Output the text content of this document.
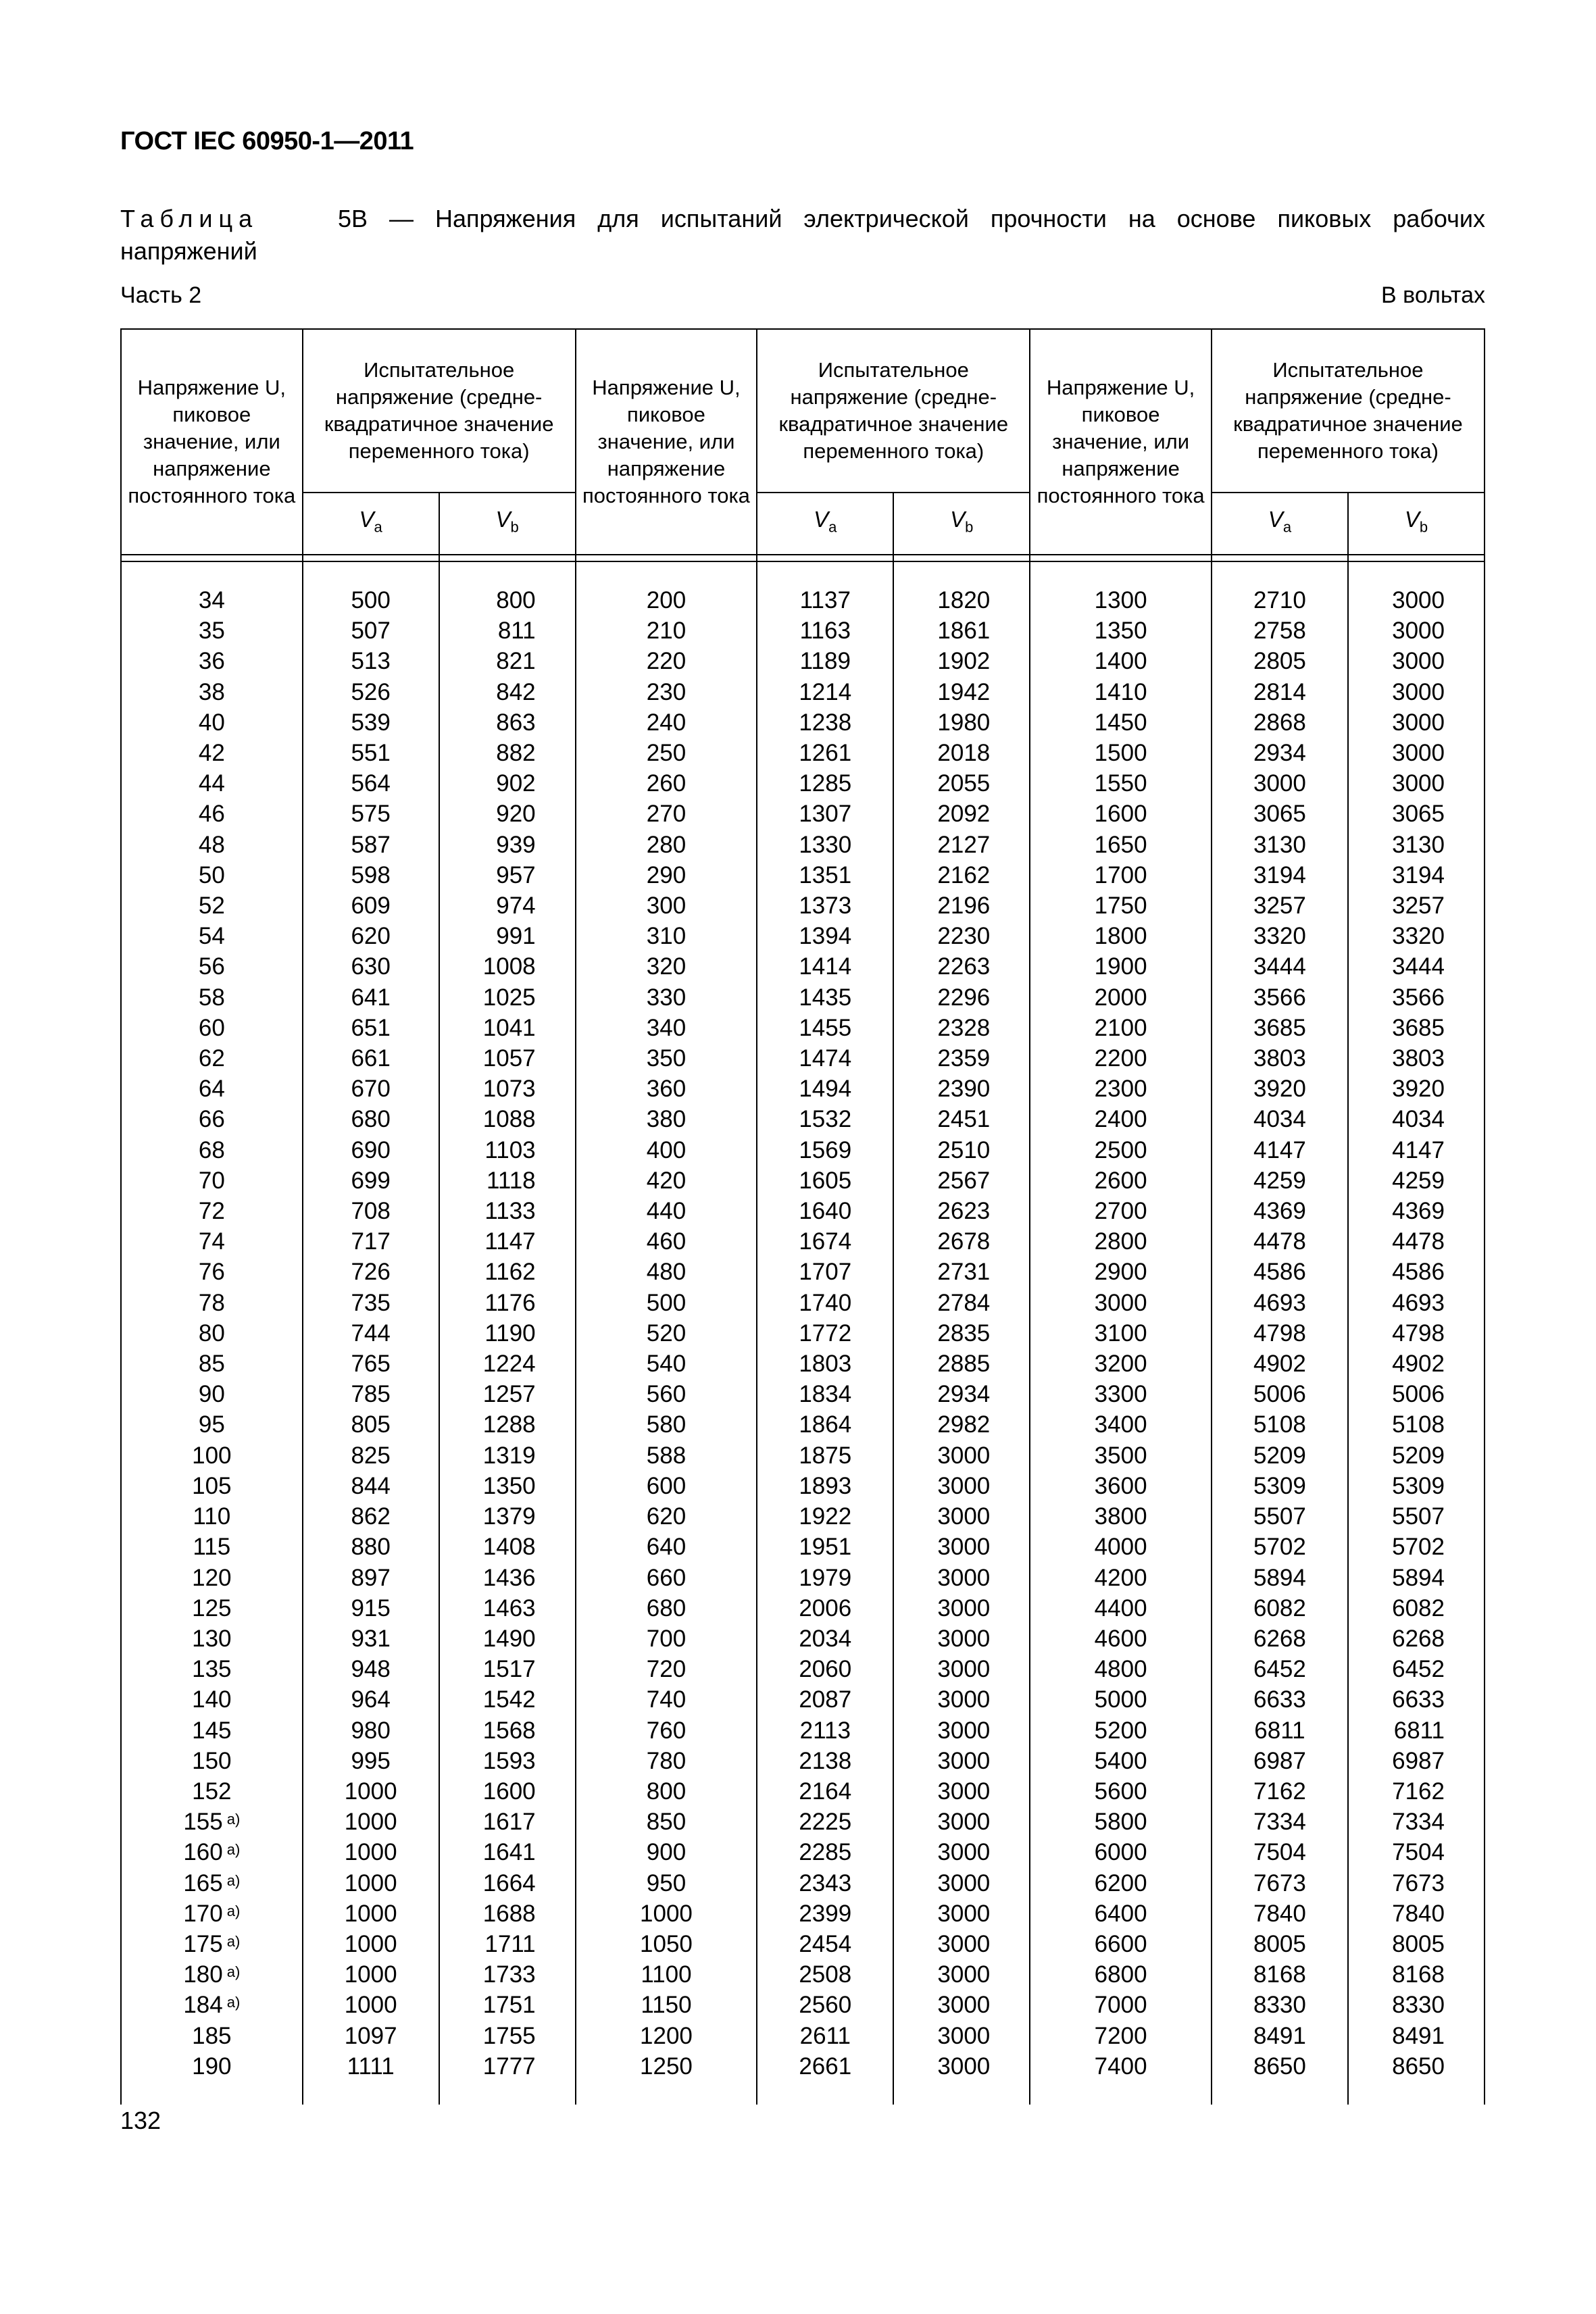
ГОСТ IEC 60950-1—2011
Таблица	5B — Напряжения для испытаний электрической прочности на основе пиковых рабочих
напряжений
Часть 2	В вольтах
Напряжение U, пиковое значение, или напряжение постоянного тока	Испытательное напряжение (средне-квадратичное значение переменного тока)		Напряжение U, пиковое значение, или напряжение постоянного тока	Испытательное напряжение (средне-квадратичное значение переменного тока)		Напряжение U, пиковое значение, или напряжение постоянного тока	Испытательное напряжение (средне-квадратичное значение переменного тока)	
	$V_a$	$V_b$		$V_a$	$V_b$		$V_a$	$V_b$

34	500	800	200	1137	1820	1300	2710	3000
35	507	811	210	1163	1861	1350	2758	3000
36	513	821	220	1189	1902	1400	2805	3000
38	526	842	230	1214	1942	1410	2814	3000
40	539	863	240	1238	1980	1450	2868	3000
42	551	882	250	1261	2018	1500	2934	3000
44	564	902	260	1285	2055	1550	3000	3000
46	575	920	270	1307	2092	1600	3065	3065
48	587	939	280	1330	2127	1650	3130	3130
50	598	957	290	1351	2162	1700	3194	3194
52	609	974	300	1373	2196	1750	3257	3257
54	620	991	310	1394	2230	1800	3320	3320
56	630	1008	320	1414	2263	1900	3444	3444
58	641	1025	330	1435	2296	2000	3566	3566
60	651	1041	340	1455	2328	2100	3685	3685
62	661	1057	350	1474	2359	2200	3803	3803
64	670	1073	360	1494	2390	2300	3920	3920
66	680	1088	380	1532	2451	2400	4034	4034
68	690	1103	400	1569	2510	2500	4147	4147
70	699	1118	420	1605	2567	2600	4259	4259
72	708	1133	440	1640	2623	2700	4369	4369
74	717	1147	460	1674	2678	2800	4478	4478
76	726	1162	480	1707	2731	2900	4586	4586
78	735	1176	500	1740	2784	3000	4693	4693
80	744	1190	520	1772	2835	3100	4798	4798
85	765	1224	540	1803	2885	3200	4902	4902
90	785	1257	560	1834	2934	3300	5006	5006
95	805	1288	580	1864	2982	3400	5108	5108
100	825	1319	588	1875	3000	3500	5209	5209
105	844	1350	600	1893	3000	3600	5309	5309
110	862	1379	620	1922	3000	3800	5507	5507
115	880	1408	640	1951	3000	4000	5702	5702
120	897	1436	660	1979	3000	4200	5894	5894
125	915	1463	680	2006	3000	4400	6082	6082
130	931	1490	700	2034	3000	4600	6268	6268
135	948	1517	720	2060	3000	4800	6452	6452
140	964	1542	740	2087	3000	5000	6633	6633
145	980	1568	760	2113	3000	5200	6811	6811
150	995	1593	780	2138	3000	5400	6987	6987
152	1000	1600	800	2164	3000	5600	7162	7162
155 $^{a)}$	1000	1617	850	2225	3000	5800	7334	7334
160 $^{a)}$	1000	1641	900	2285	3000	6000	7504	7504
165 $^{a)}$	1000	1664	950	2343	3000	6200	7673	7673
170 $^{a)}$	1000	1688	1000	2399	3000	6400	7840	7840
175 $^{a)}$	1000	1711	1050	2454	3000	6600	8005	8005
180 $^{a)}$	1000	1733	1100	2508	3000	6800	8168	8168
184 $^{a)}$	1000	1751	1150	2560	3000	7000	8330	8330
185	1097	1755	1200	2611	3000	7200	8491	8491
190	1111	1777	1250	2661	3000	7400	8650	8650

132
